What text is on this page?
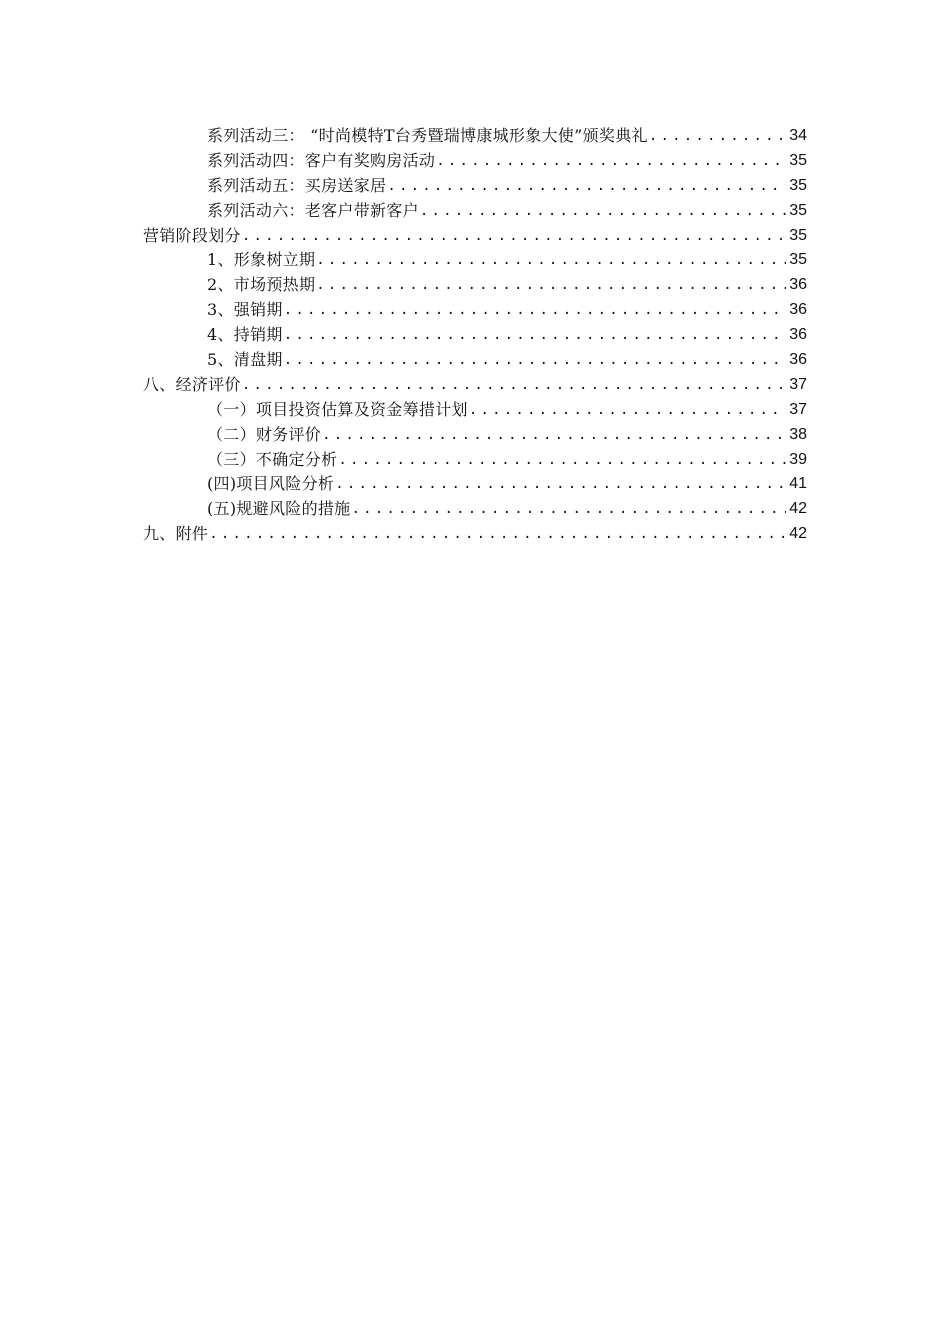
系列活动三： “时尚模特T台秀暨瑞博康城形象大使”颁奖典礼 .....	34
系列活动四：客户有奖购房活动 .....	35
系列活动五：买房送家居 .....	35
系列活动六：老客户带新客户 .....	35
营销阶段划分 .....	35
1、形象树立期 .....	35
2、市场预热期 .....	36
3、强销期 .....	36
4、持销期 .....	36
5、清盘期 .....	36
八、经济评价 .....	37
（一）项目投资估算及资金筹措计划 .....	37
（二）财务评价 .....	38
（三）不确定分析 .....	39
(四)项目风险分析 .....	41
(五)规避风险的措施 .....	42
九、附件 .....	42
